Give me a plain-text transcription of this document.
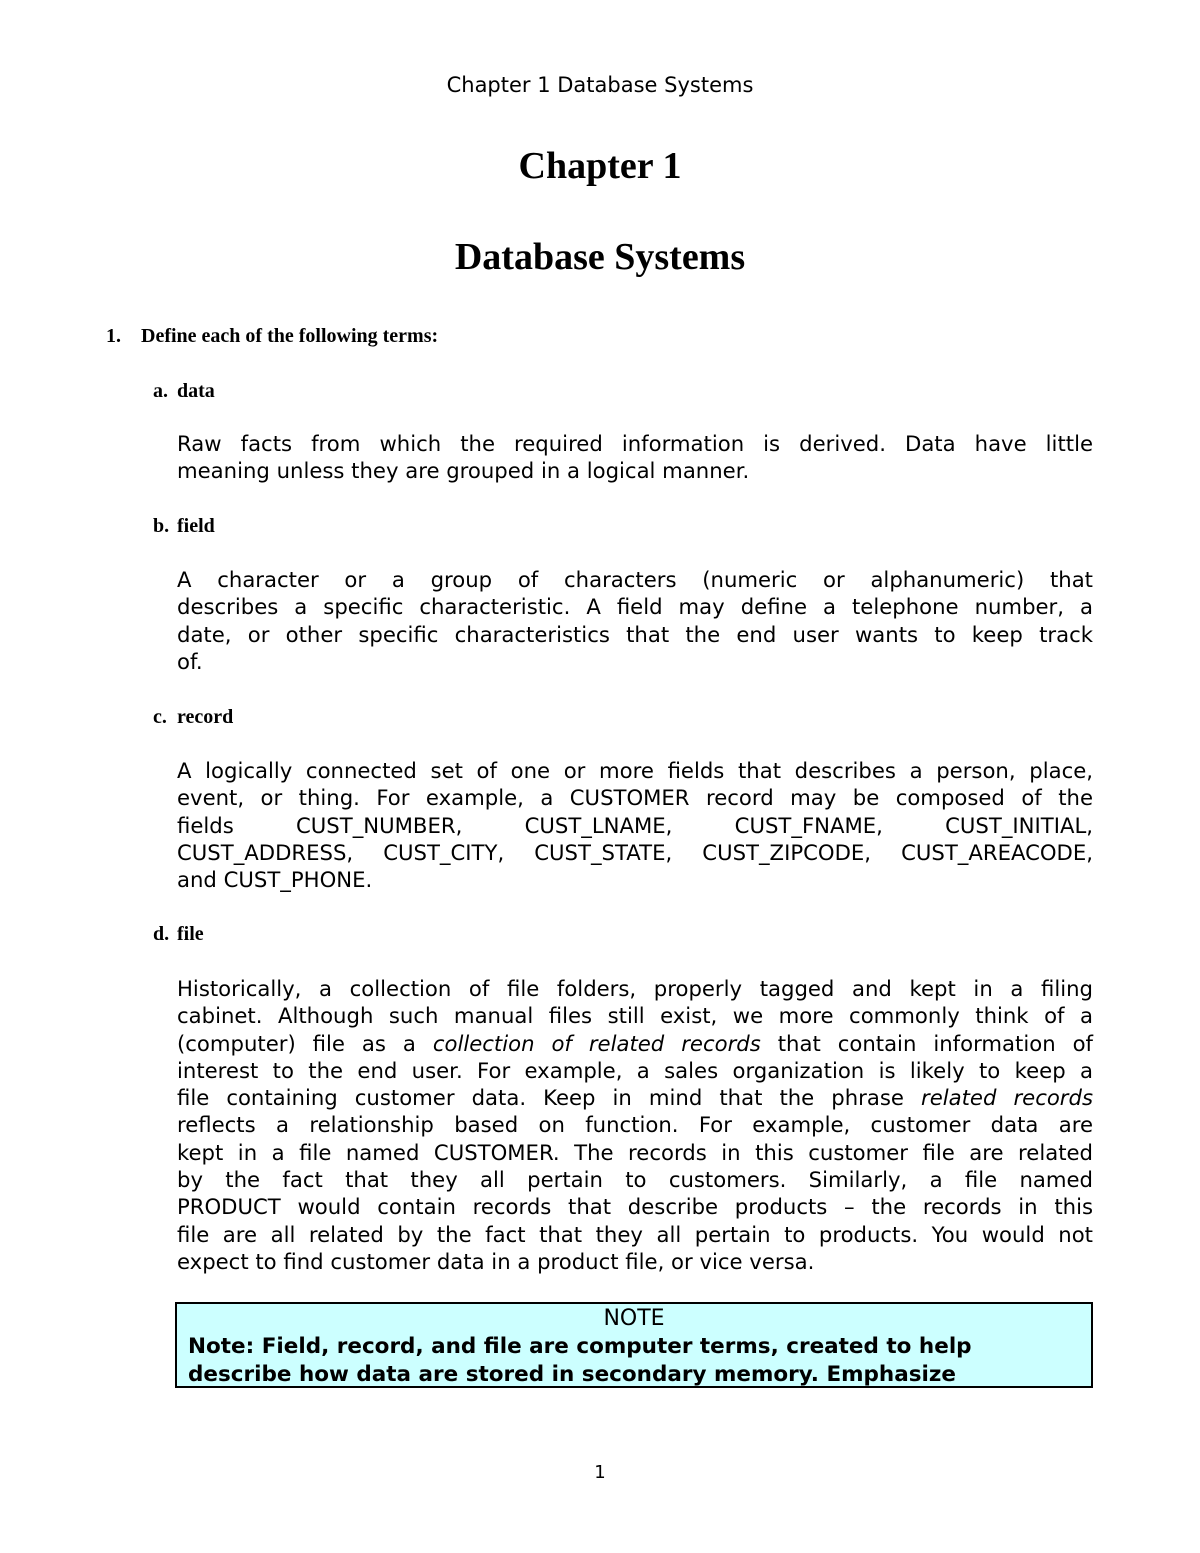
Chapter 1 Database Systems
Chapter 1
Database Systems
1. Define each of the following terms:
a. data

Raw facts from which the required information is derived. Data have little
meaning unless they are grouped in a logical manner.

b. field

A character or a group of characters (numeric or alphanumeric) that
describes a specific characteristic. A field may define a telephone number, a
date, or other specific characteristics that the end user wants to keep track
of.

c. record

A logically connected set of one or more fields that describes a person, place,
event, or thing. For example, a CUSTOMER record may be composed of the
fields CUST_NUMBER, CUST_LNAME, CUST_FNAME, CUST_INITIAL,
CUST_ADDRESS, CUST_CITY, CUST_STATE, CUST_ZIPCODE, CUST_AREACODE,
and CUST_PHONE.

d. file

Historically, a collection of file folders, properly tagged and kept in a filing
cabinet. Although such manual files still exist, we more commonly think of a
(computer) file as a collection of related records that contain information of
interest to the end user. For example, a sales organization is likely to keep a
file containing customer data. Keep in mind that the phrase related records
reflects a relationship based on function. For example, customer data are
kept in a file named CUSTOMER. The records in this customer file are related
by the fact that they all pertain to customers. Similarly, a file named
PRODUCT would contain records that describe products – the records in this
file are all related by the fact that they all pertain to products. You would not
expect to find customer data in a product file, or vice versa.

NOTE
Note: Field, record, and file are computer terms, created to help
describe how data are stored in secondary memory. Emphasize
1
